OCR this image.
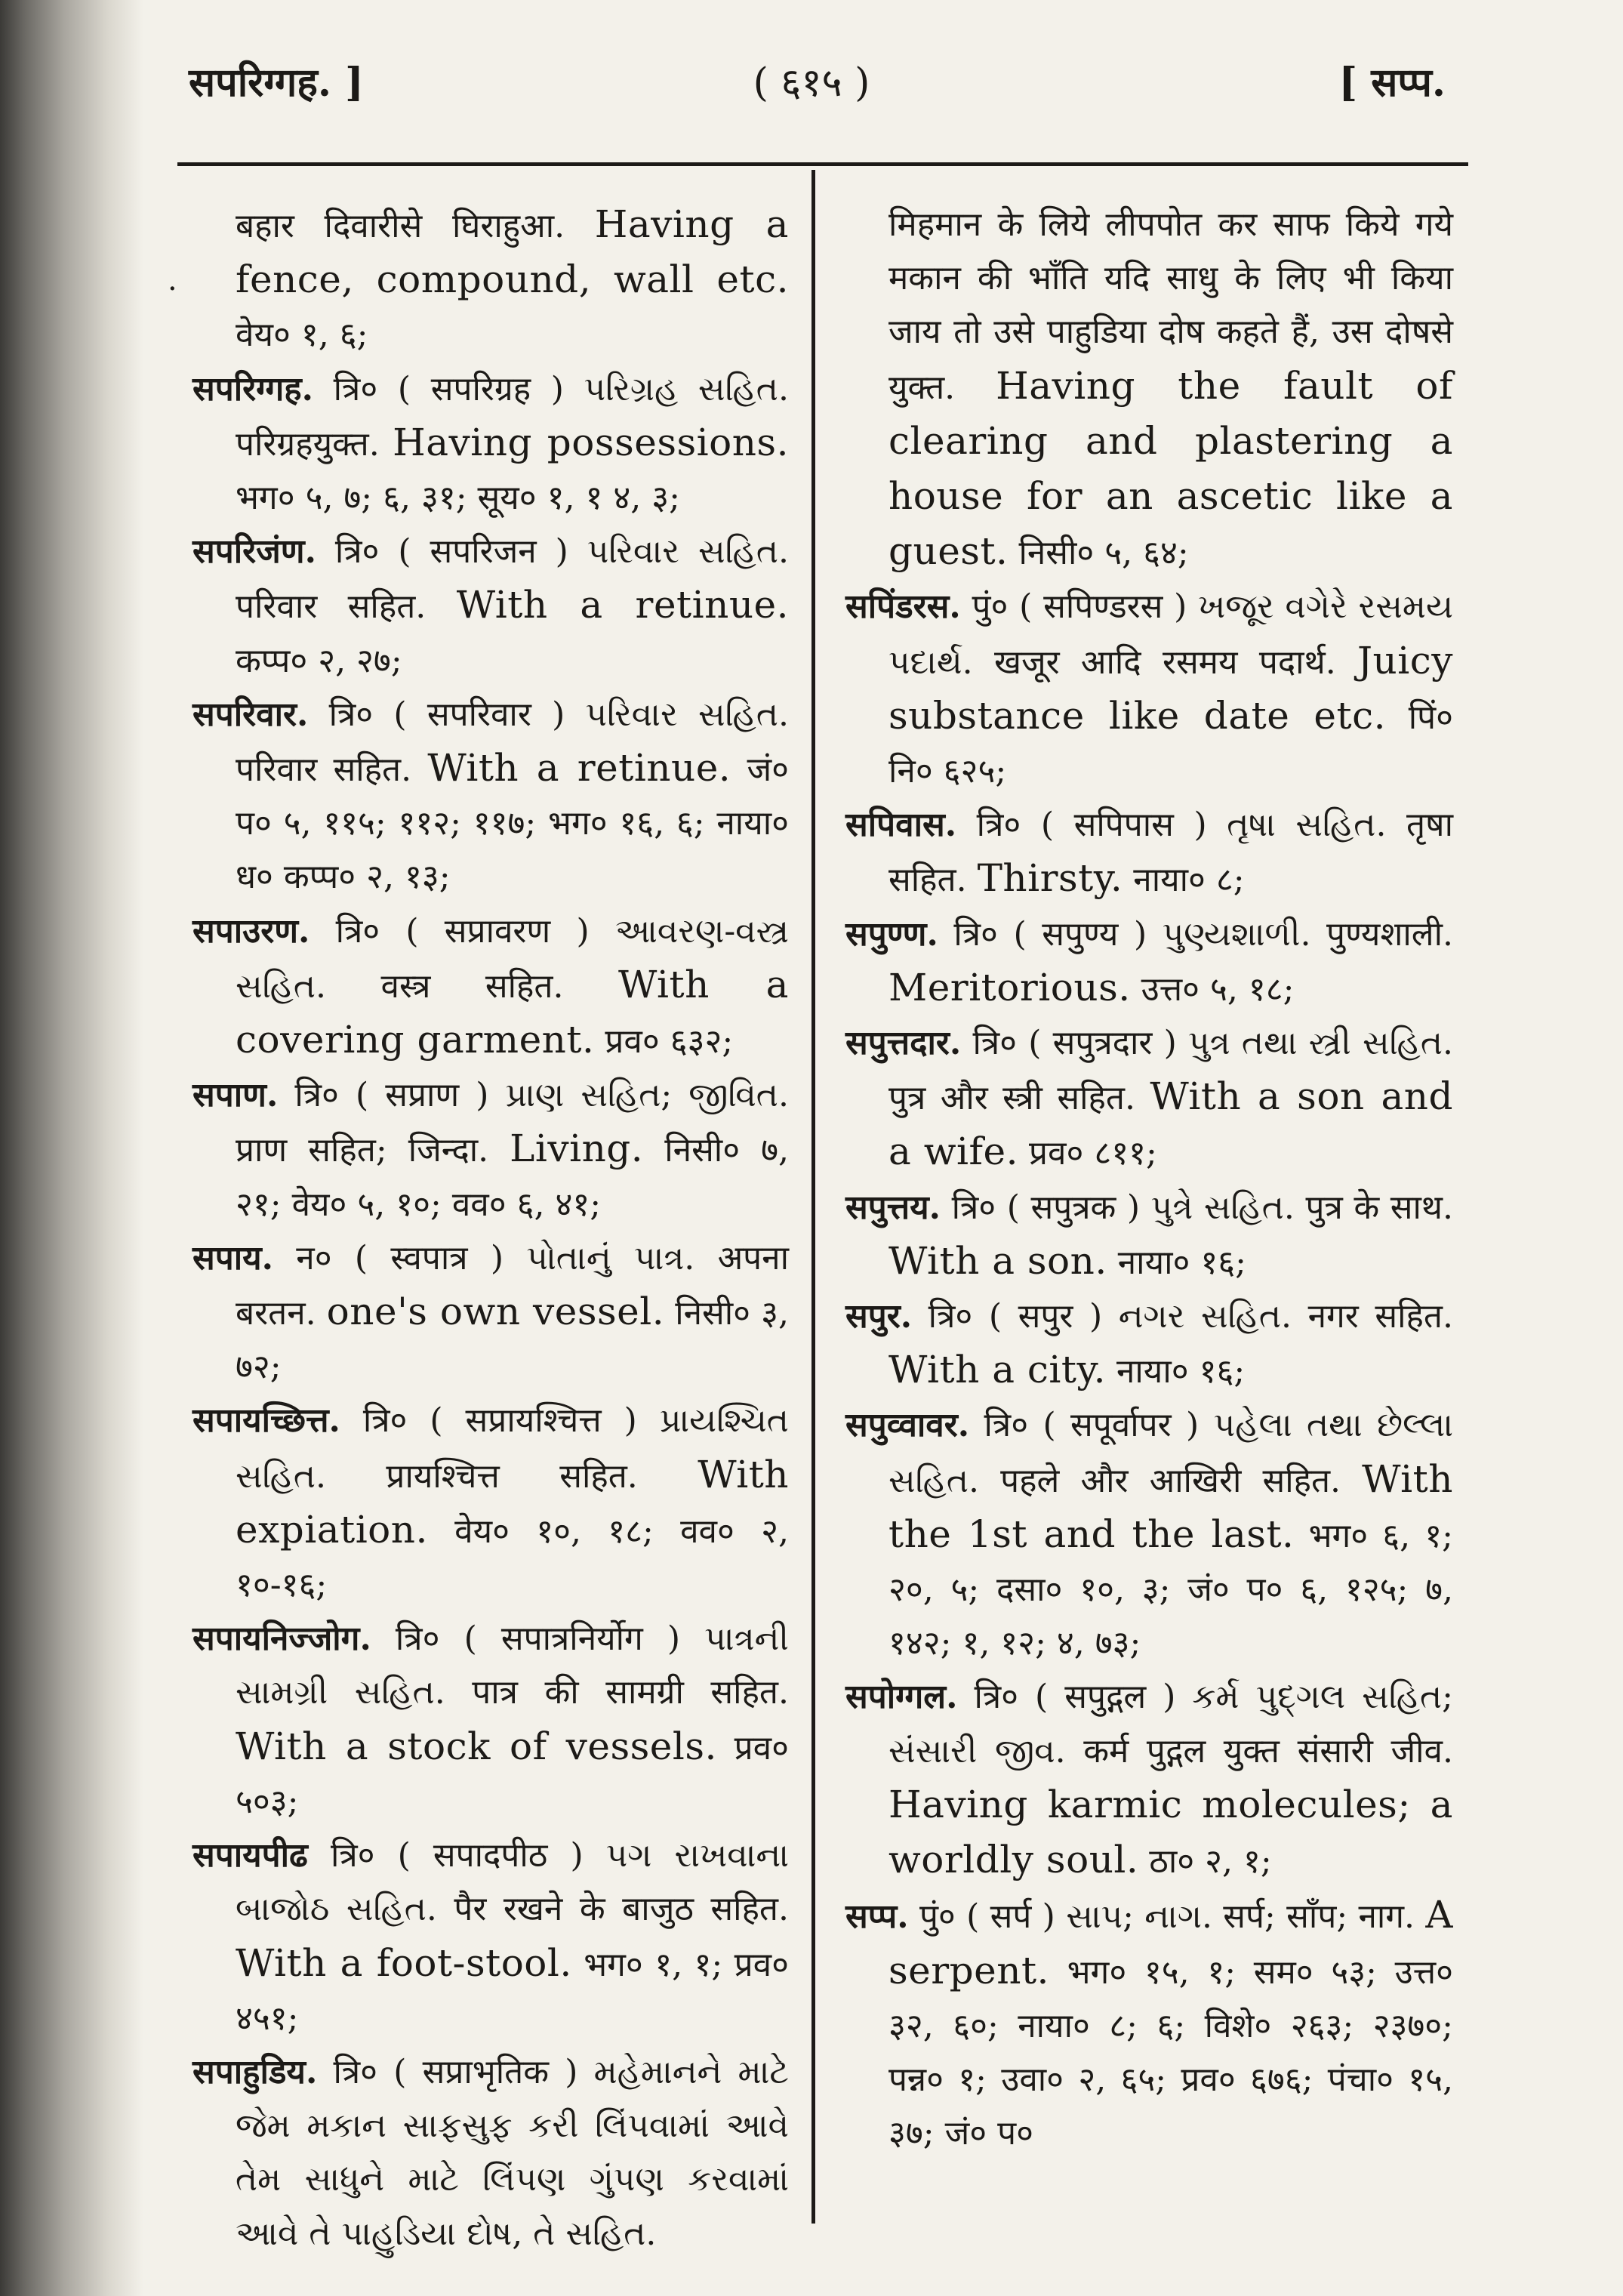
सपरिग्गह. ]	( ६१५ )	[ सप्प.
·

बहार दिवारीसे घिराहुआ. Having a fence, compound, wall etc. वेय० १, ६;

सपरिग्गह. त्रि० ( सपरिग्रह ) પરિગ્રહ સહિત. परिग्रहयुक्त. Having possessions. भग० ५, ७; ६, ३१; सूय० १, १ ४, ३;

सपरिजंण. त्रि० ( सपरिजन ) પરિવાર સહિત. परिवार सहित. With a retinue. कप्प० २, २७;

सपरिवार. त्रि० ( सपरिवार ) પરિવાર સહિત. परिवार सहित. With a retinue. जं० प० ५, ११५; ११२; ११७; भग० १६, ६; नाया० ध० कप्प० २, १३;

सपाउरण. त्रि० ( सप्रावरण ) આવરણ-વસ્ત્ર સહિત. वस्त्र सहित. With a covering garment. प्रव० ६३२;

सपाण. त्रि० ( सप्राण ) પ્રાણ સહિત; જીવિત. प्राण सहित; जिन्दा. Living. निसी० ७, २१; वेय० ५, १०; वव० ६, ४१;

सपाय. न० ( स्वपात्र ) પોતાનું પાત્ર. अपना बरतन. one's own vessel. निसी० ३, ७२;

सपायच्छित्त. त्रि० ( सप्रायश्चित्त ) પ્રાયશ્ચિત સહિત. प्रायश्चित्त सहित. With expiation. वेय० १०, १८; वव० २, १०-१६;

सपायनिज्जोग. त्रि० ( सपात्रनिर्योग ) પાત્રની સામગ્રી સહિત. पात्र की सामग्री सहित. With a stock of vessels. प्रव० ५०३;

सपायपीढ त्रि० ( सपादपीठ ) પગ રાખવાના બાજોઠ સહિત. पैर रखने के बाजुठ सहित. With a foot-stool. भग० १, १; प्रव० ४५१;

सपाहुडिय. त्रि० ( सप्राभृतिक ) મહેમાનને માટે જેમ મકાન સાફસુફ કરી લિંપવામાં આવે તેમ સાધુને માટે લિંપણ ગુંપણ કરવામાં આવે તે પાહુડિયા દોષ, તે સહિત.

मिहमान के लिये लीपपोत कर साफ किये गये मकान की भाँति यदि साधु के लिए भी किया जाय तो उसे पाहुडिया दोष कहते हैं, उस दोषसे युक्त. Having the fault of clearing and plastering a house for an ascetic like a guest. निसी० ५, ६४;

सपिंडरस. पुं० ( सपिण्डरस ) ખજૂર વગેરે રસમય પદાર્થ. खजूर आदि रसमय पदार्थ. Juicy substance like date etc. पिं० नि० ६२५;

सपिवास. त्रि० ( सपिपास ) તૃષા સહિત. तृषा सहित. Thirsty. नाया० ८;

सपुण्ण. त्रि० ( सपुण्य ) પુણ્યશાળી. पुण्यशाली. Meritorious. उत्त० ५, १८;

सपुत्तदार. त्रि० ( सपुत्रदार ) પુત્ર તથા સ્ત્રી સહિત. पुत्र और स्त्री सहित. With a son and a wife. प्रव० ८११;

सपुत्तय. त्रि० ( सपुत्रक ) પુત્રે સહિત. पुत्र के साथ. With a son. नाया० १६;

सपुर. त्रि० ( सपुर ) નગર સહિત. नगर सहित. With a city. नाया० १६;

सपुव्वावर. त्रि० ( सपूर्वापर ) પહેલા તથા છેલ્લા સહિત. पहले और आखिरी सहित. With the 1st and the last. भग० ६, १; २०, ५; दसा० १०, ३; जं० प० ६, १२५; ७, १४२; १, १२; ४, ७३;

सपोग्गल. त्रि० ( सपुद्गल ) કર્મ પુદ્ગલ સહિત; સંસારી જીવ. कर्म पुद्गल युक्त संसारी जीव. Having karmic molecules; a worldly soul. ठा० २, १;

सप्प. पुं० ( सर्प ) સાપ; નાગ. सर्प; साँप; नाग. A serpent. भग० १५, १; सम० ५३; उत्त० ३२, ६०; नाया० ८; ६; विशे० २६३; २३७०; पन्न० १; उवा० २, ६५; प्रव० ६७६; पंचा० १५, ३७; जं० प०
